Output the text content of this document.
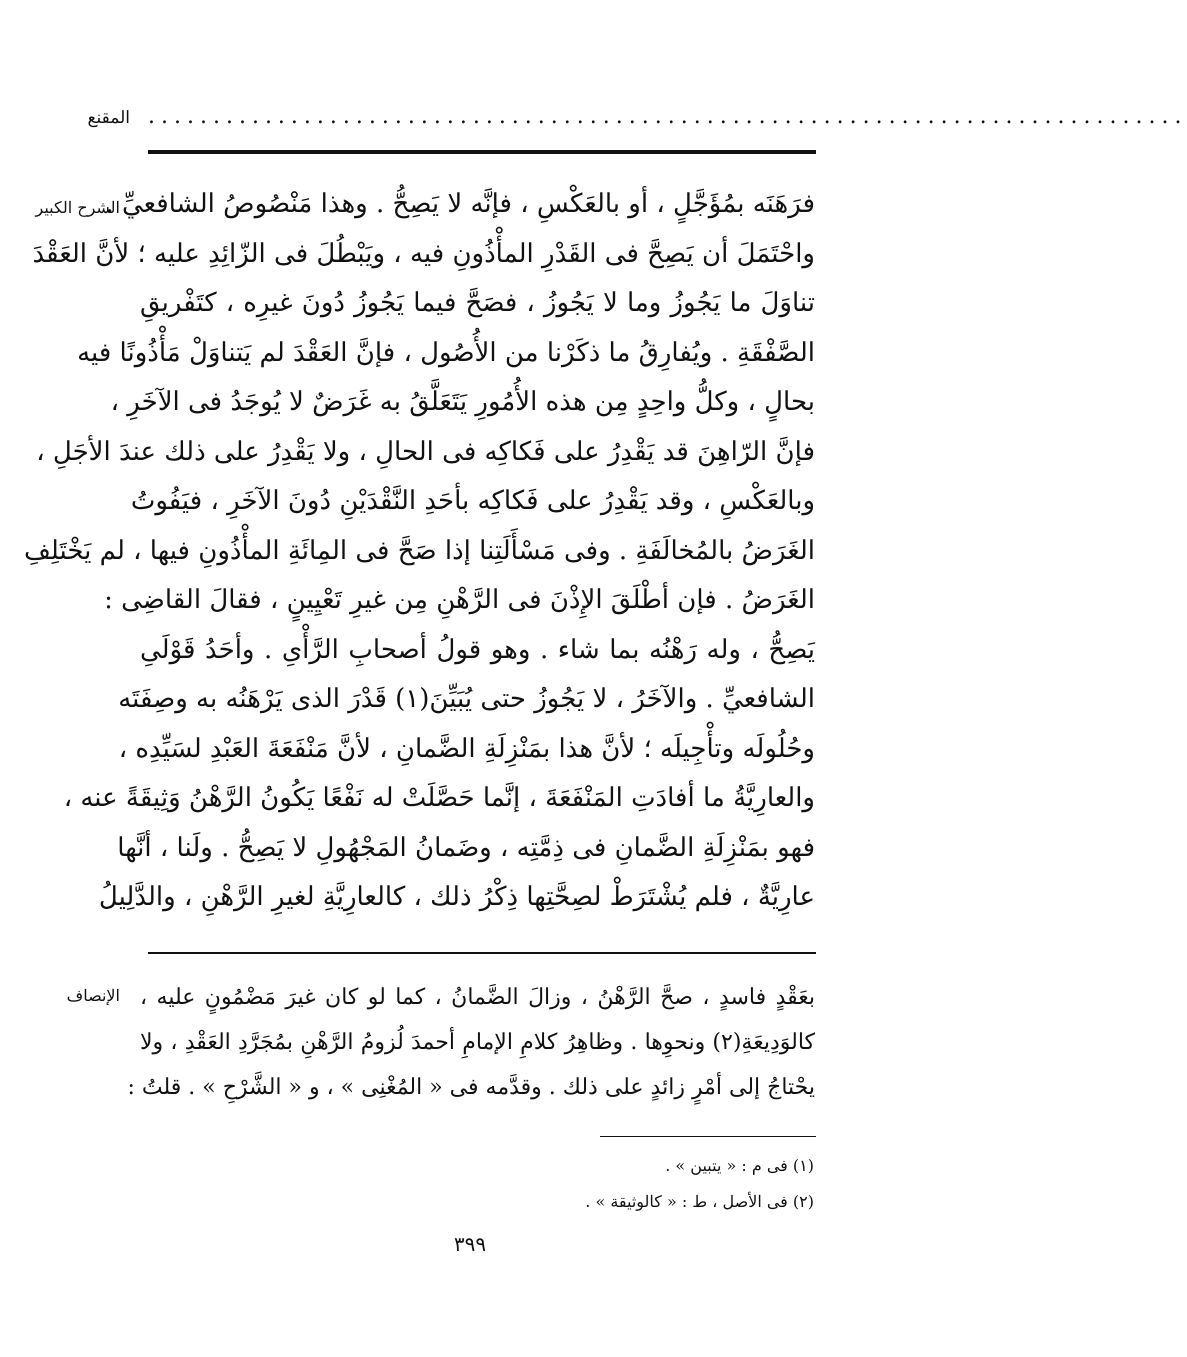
المقنع ................................................................................
الشرح الكبير
فرَهَنَه بمُؤَجَّلٍ ، أو بالعَكْسِ ، فإنَّه لا يَصِحُّ . وهذا مَنْصُوصُ الشافعيِّ .
واحْتَمَلَ أن يَصِحَّ فى القَدْرِ المأْذُونِ فيه ، ويَبْطُلَ فى الزّائِدِ عليه ؛ لأنَّ العَقْدَ
تناوَلَ ما يَجُوزُ وما لا يَجُوزُ ، فصَحَّ فيما يَجُوزُ دُونَ غيرِه ، كتَفْريقِ
الصَّفْقَةِ . ويُفارِقُ ما ذكَرْنا من الأُصُول ، فإنَّ العَقْدَ لم يَتناوَلْ مَأْذُونًا فيه
بحالٍ ، وكلُّ واحِدٍ مِن هذه الأُمُورِ يَتَعَلَّقُ به غَرَضٌ لا يُوجَدُ فى الآخَرِ ،
فإنَّ الرّاهِنَ قد يَقْدِرُ على فَكاكِه فى الحالِ ، ولا يَقْدِرُ على ذلك عندَ الأجَلِ ،
وبالعَكْسِ ، وقد يَقْدِرُ على فَكاكِه بأحَدِ النَّقْدَيْنِ دُونَ الآخَرِ ، فيَفُوتُ
الغَرَضُ بالمُخالَفَةِ . وفى مَسْأَلَتِنا إذا صَحَّ فى المِائَةِ المأْذُونِ فيها ، لم يَخْتَلِفِ
الغَرَضُ . فإن أطْلَقَ الإِذْنَ فى الرَّهْنِ مِن غيرِ تَعْيِينٍ ، فقالَ القاضِى :
يَصِحُّ ، وله رَهْنُه بما شاء . وهو قولُ أصحابِ الرَّأْىِ . وأحَدُ قَوْلَىِ
الشافعيِّ . والآخَرُ ، لا يَجُوزُ حتى يُبَيِّنَ(١) قَدْرَ الذى يَرْهَنُه به وصِفَتَه
وحُلُولَه وتأْجِيلَه ؛ لأنَّ هذا بمَنْزِلَةِ الضَّمانِ ، لأنَّ مَنْفَعَةَ العَبْدِ لسَيِّدِه ،
والعارِيَّةُ ما أفادَتِ المَنْفَعَةَ ، إنَّما حَصَّلَتْ له نَفْعًا يَكُونُ الرَّهْنُ وَثِيقَةً عنه ،
فهو بمَنْزِلَةِ الضَّمانِ فى ذِمَّتِه ، وضَمانُ المَجْهُولِ لا يَصِحُّ . ولَنا ، أنَّها
عارِيَّةٌ ، فلم يُشْتَرَطْ لصِحَّتِها ذِكْرُ ذلك ، كالعارِيَّةِ لغيرِ الرَّهْنِ ، والدَّلِيلُ
الإنصاف بعَقْدٍ فاسدٍ ، صحَّ الرَّهْنُ ، وزالَ الضَّمانُ ، كما لو كان غيرَ مَضْمُونٍ عليه ،
كالوَدِيعَةِ(٢) ونحوِها . وظاهِرُ كلامِ الإمامِ أحمدَ لُزومُ الرَّهْنِ بمُجَرَّدِ العَقْدِ ، ولا
يحْتاجُ إلى أمْرٍ زائدٍ على ذلك . وقدَّمه فى « المُغْنِى » ، و « الشَّرْحِ » . قلتُ :
(١) فى م : « يتبين » .
(٢) فى الأصل ، ط : « كالوثيقة » .
٣٩٩
